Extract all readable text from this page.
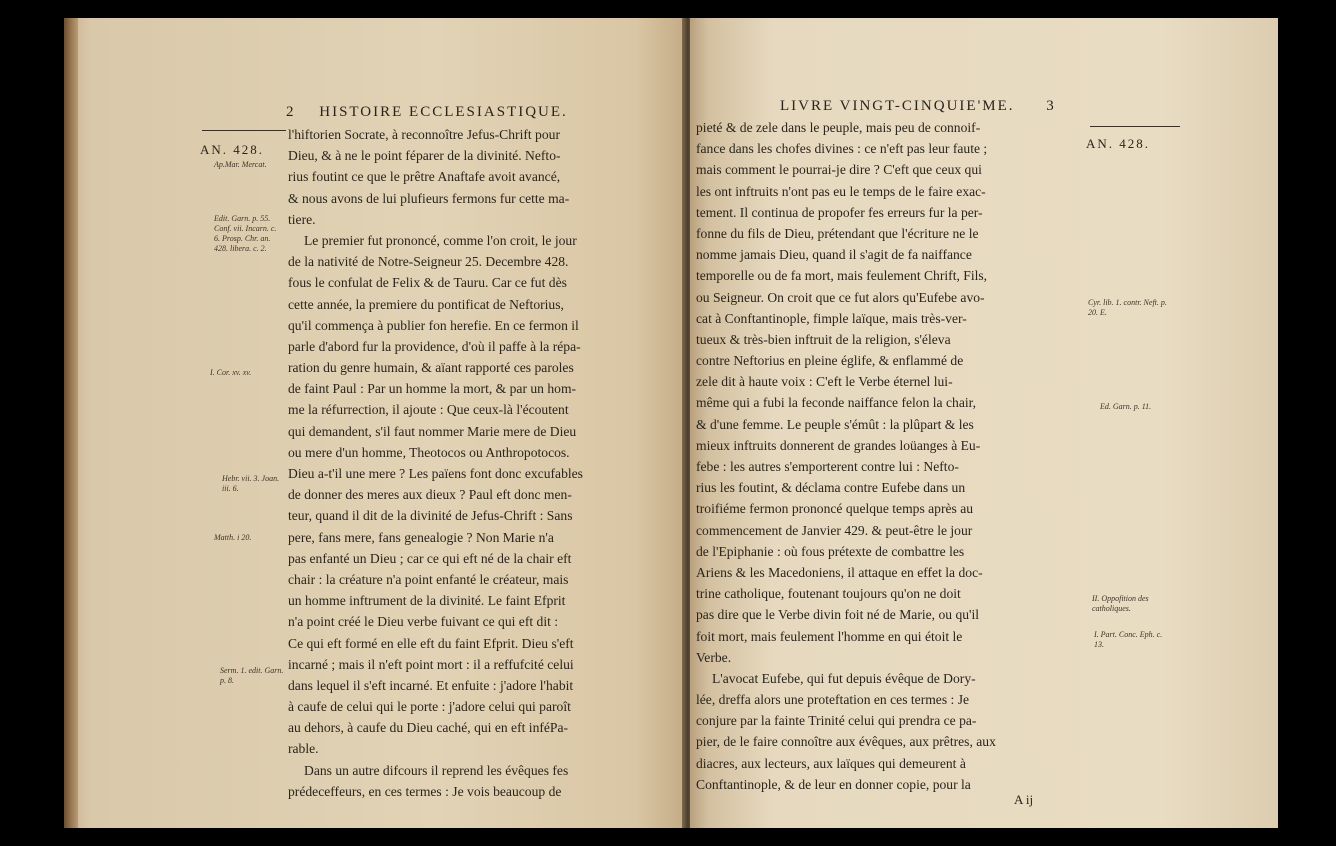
2 HISTOIRE ECCLESIASTIQUE.
AN. 428.
Ap.Mar. Mercat.
Edit. Garn. p. 55. Conf. vii. Incarn. c. 6. Prosp. Chr. an. 428. libera. c. 2.
I. Cor. xv. xv.
Hebr. vii. 3. Joan. iii. 6.
Matth. i 20.
Serm. 1. edit. Garn. p. 8.
l'hiftorien Socrate, à reconnoître Jefus-Chrift pour
Dieu, & à ne le point féparer de la divinité. Nefto-
rius foutint ce que le prêtre Anaftafe avoit avancé,
& nous avons de lui plufieurs fermons fur cette ma-
tiere.
Le premier fut prononcé, comme l'on croit, le jour
de la nativité de Notre-Seigneur 25. Decembre 428.
fous le confulat de Felix & de Tauru. Car ce fut dès
cette année, la premiere du pontificat de Neftorius,
qu'il commença à publier fon herefie. En ce fermon il
parle d'abord fur la providence, d'où il paffe à la répa-
ration du genre humain, & aïant rapporté ces paroles
de faint Paul : Par un homme la mort, & par un hom-
me la réfurrection, il ajoute : Que ceux-là l'écoutent
qui demandent, s'il faut nommer Marie mere de Dieu
ou mere d'un homme, Theotocos ou Anthropotocos.
Dieu a-t'il une mere ? Les païens font donc excufables
de donner des meres aux dieux ? Paul eft donc men-
teur, quand il dit de la divinité de Jefus-Chrift : Sans
pere, fans mere, fans genealogie ? Non Marie n'a
pas enfanté un Dieu ; car ce qui eft né de la chair eft
chair : la créature n'a point enfanté le créateur, mais
un homme inftrument de la divinité. Le faint Efprit
n'a point créé le Dieu verbe fuivant ce qui eft dit :
Ce qui eft formé en elle eft du faint Efprit. Dieu s'eft
incarné ; mais il n'eft point mort : il a reffufcité celui
dans lequel il s'eft incarné. Et enfuite : j'adore l'habit
à caufe de celui qui le porte : j'adore celui qui paroît
au dehors, à caufe du Dieu caché, qui en eft inféPa-
rable.
Dans un autre difcours il reprend les évêques fes
prédeceffeurs, en ces termes : Je vois beaucoup de
LIVRE VINGT-CINQUIE'ME. 3
AN. 428.
Cyr. lib. 1. contr. Neft. p. 20. E.
Ed. Garn. p. 11.
II. Oppofition des catholiques.
I. Part. Conc. Eph. c. 13.
pieté & de zele dans le peuple, mais peu de connoif-
fance dans les chofes divines : ce n'eft pas leur faute ;
mais comment le pourrai-je dire ? C'eft que ceux qui
les ont inftruits n'ont pas eu le temps de le faire exac-
tement. Il continua de propofer fes erreurs fur la per-
fonne du fils de Dieu, prétendant que l'écriture ne le
nomme jamais Dieu, quand il s'agit de fa naiffance
temporelle ou de fa mort, mais feulement Chrift, Fils,
ou Seigneur. On croit que ce fut alors qu'Eufebe avo-
cat à Conftantinople, fimple laïque, mais très-ver-
tueux & très-bien inftruit de la religion, s'éleva
contre Neftorius en pleine églife, & enflammé de
zele dit à haute voix : C'eft le Verbe éternel lui-
même qui a fubi la feconde naiffance felon la chair,
& d'une femme. Le peuple s'émût : la plûpart & les
mieux inftruits donnerent de grandes loüanges à Eu-
febe : les autres s'emporterent contre lui : Nefto-
rius les foutint, & déclama contre Eufebe dans un
troifiéme fermon prononcé quelque temps après au
commencement de Janvier 429. & peut-être le jour
de l'Epiphanie : où fous prétexte de combattre les
Ariens & les Macedoniens, il attaque en effet la doc-
trine catholique, foutenant toujours qu'on ne doit
pas dire que le Verbe divin foit né de Marie, ou qu'il
foit mort, mais feulement l'homme en qui étoit le
Verbe.
L'avocat Eufebe, qui fut depuis évêque de Dory-
lée, dreffa alors une proteftation en ces termes : Je
conjure par la fainte Trinité celui qui prendra ce pa-
pier, de le faire connoître aux évêques, aux prêtres, aux
diacres, aux lecteurs, aux laïques qui demeurent à
Conftantinople, & de leur en donner copie, pour la
A ij
